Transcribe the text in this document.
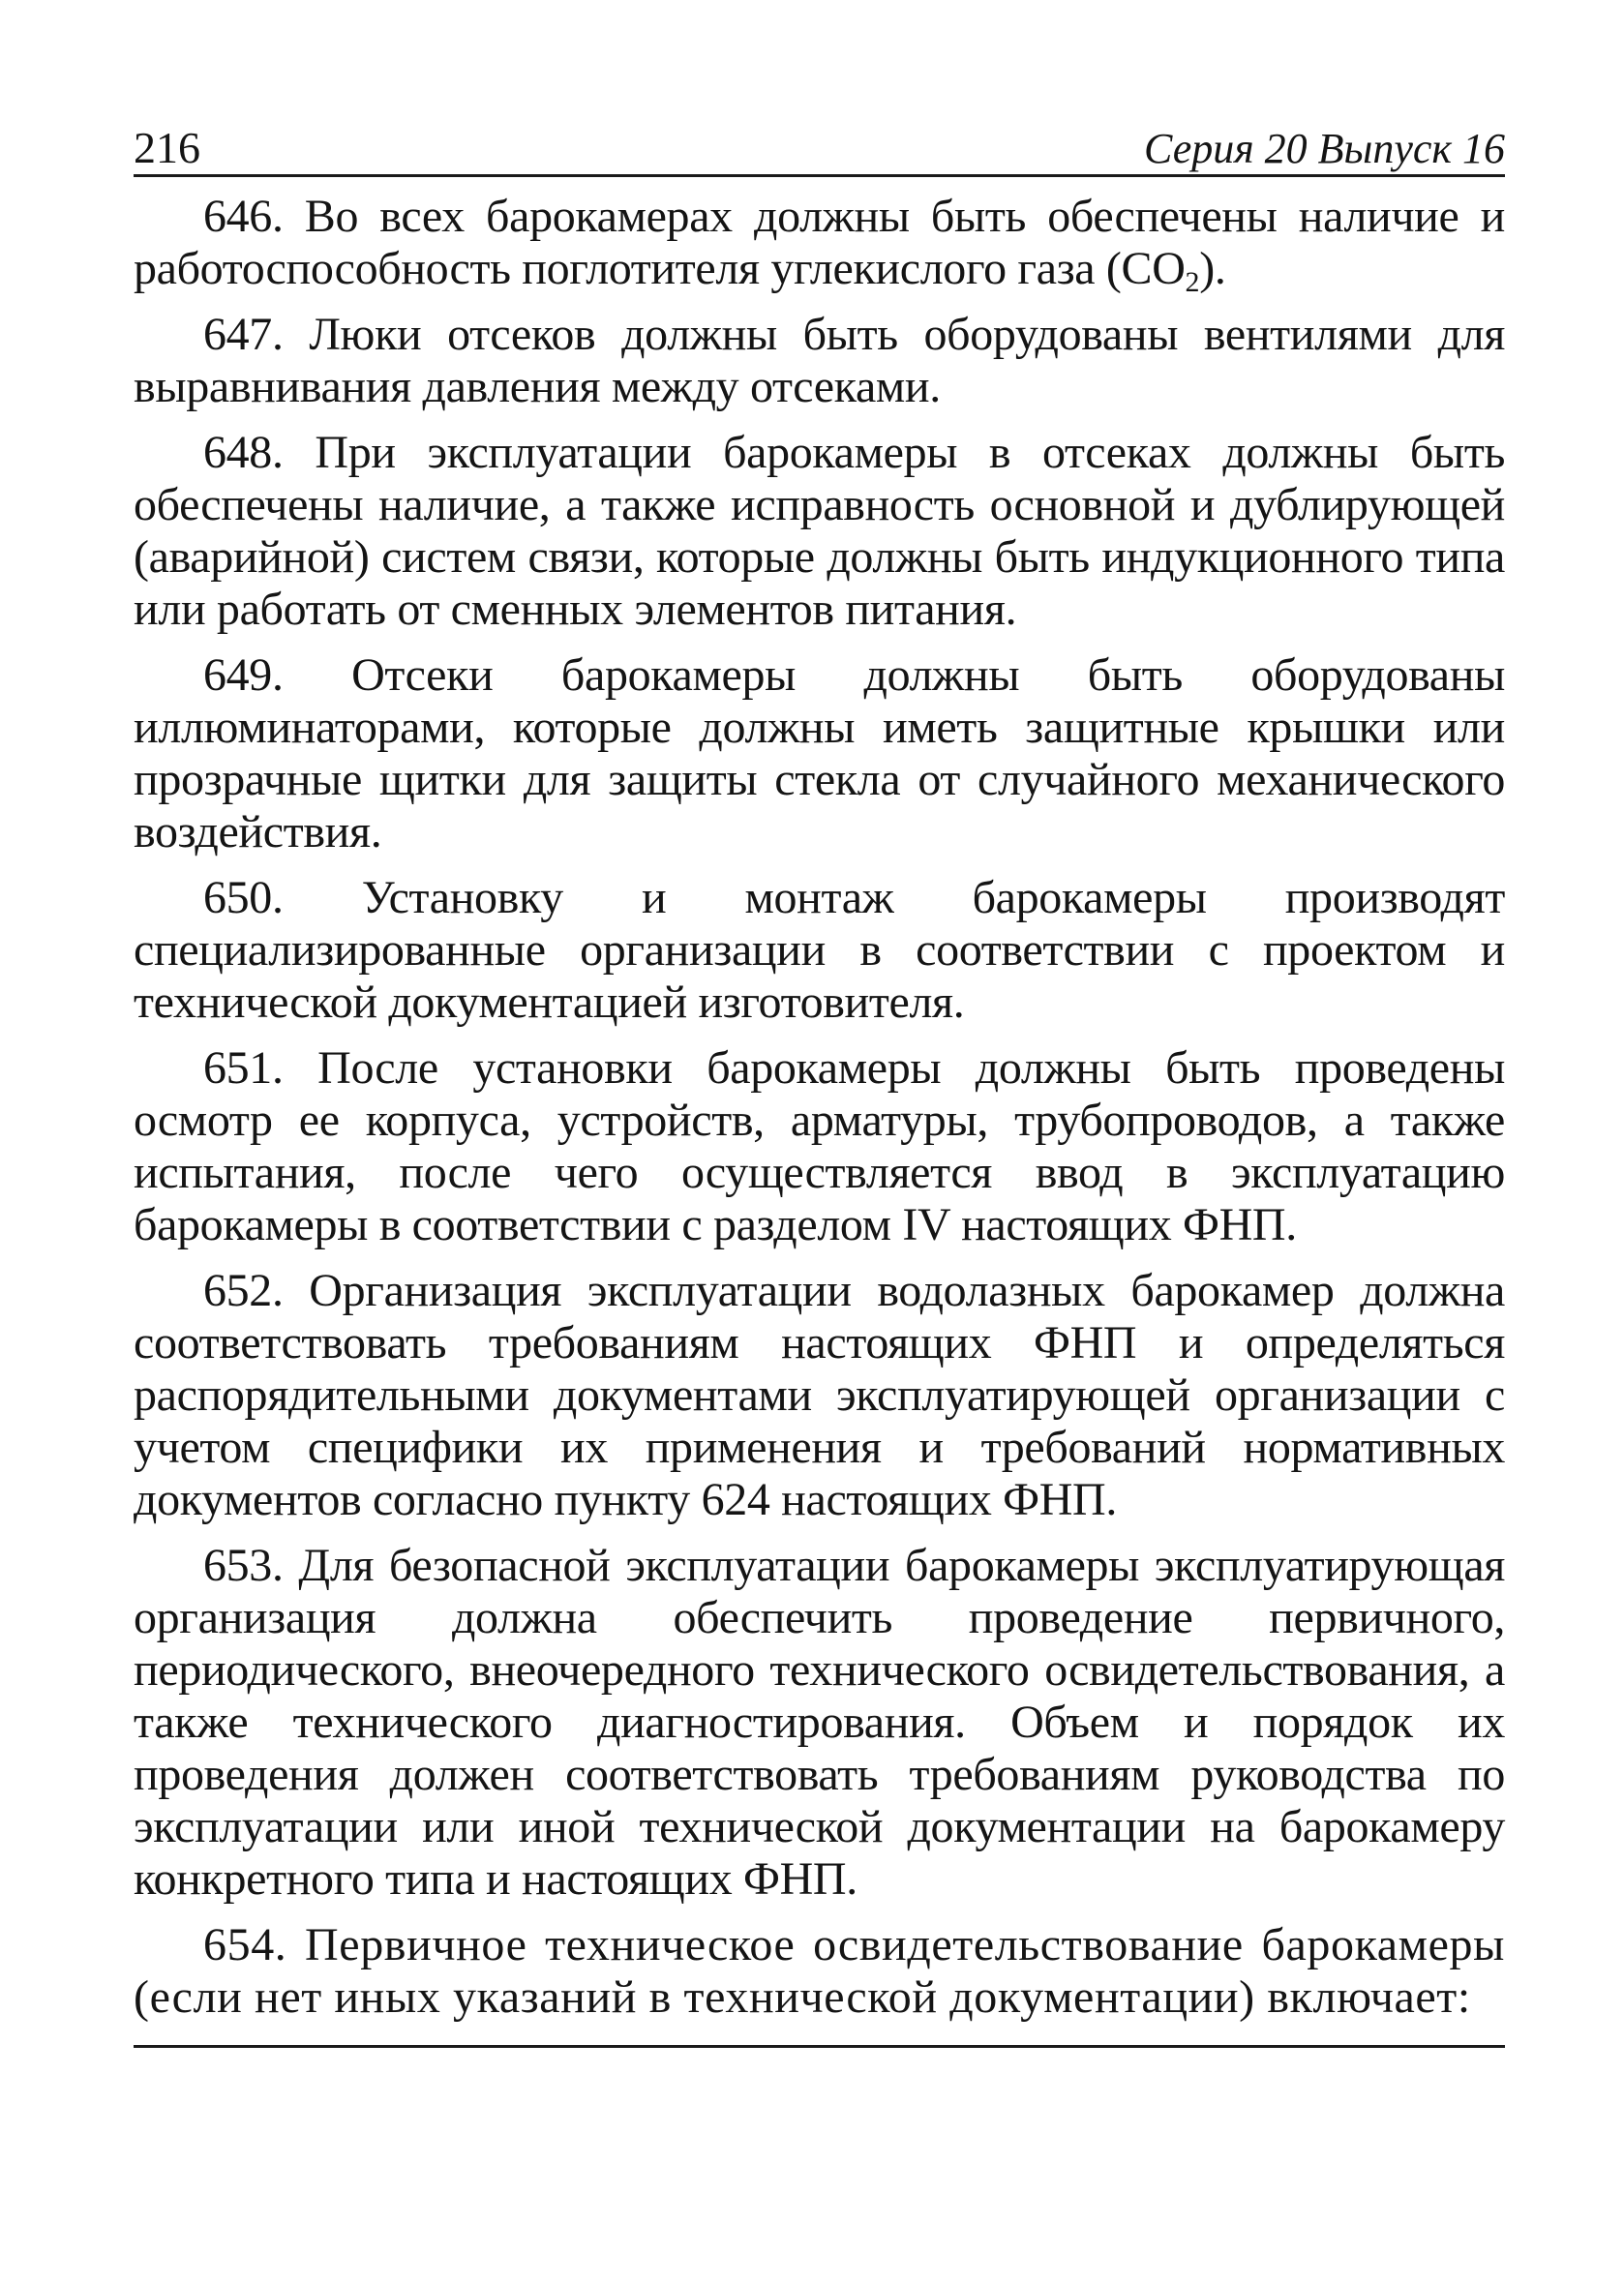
216	Серия 20 Выпуск 16

646. Во всех барокамерах должны быть обеспечены наличие и работоспособность поглотителя углекислого газа $(CO_2)$.

647. Люки отсеков должны быть оборудованы вентилями для выравнивания давления между отсеками.

648. При эксплуатации барокамеры в отсеках должны быть обеспечены наличие, а также исправность основной и дублирующей (аварийной) систем связи, которые должны быть индукционного типа или работать от сменных элементов питания.

649. Отсеки барокамеры должны быть оборудованы иллюминаторами, которые должны иметь защитные крышки или прозрачные щитки для защиты стекла от случайного механического воздействия.

650. Установку и монтаж барокамеры производят специализированные организации в соответствии с проектом и технической документацией изготовителя.

651. После установки барокамеры должны быть проведены осмотр ее корпуса, устройств, арматуры, трубопроводов, а также испытания, после чего осуществляется ввод в эксплуатацию барокамеры в соответствии с разделом IV настоящих ФНП.

652. Организация эксплуатации водолазных барокамер должна соответствовать требованиям настоящих ФНП и определяться распорядительными документами эксплуатирующей организации с учетом специфики их применения и требований нормативных документов согласно пункту 624 настоящих ФНП.

653. Для безопасной эксплуатации барокамеры эксплуатирующая организация должна обеспечить проведение первичного, периодического, внеочередного технического освидетельствования, а также технического диагностирования. Объем и порядок их проведения должен соответствовать требованиям руководства по эксплуатации или иной технической документации на барокамеру конкретного типа и настоящих ФНП.

654. Первичное техническое освидетельствование барокамеры (если нет иных указаний в технической документации) включает:
